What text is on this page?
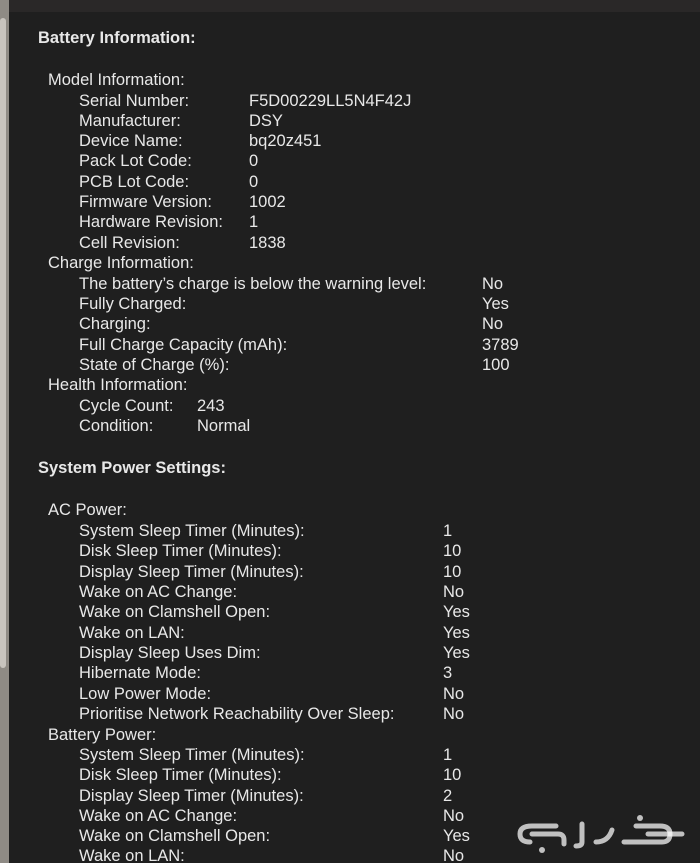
Battery Information:
Model Information:
Serial Number:	F5D00229LL5N4F42J
Manufacturer:	DSY
Device Name:	bq20z451
Pack Lot Code:	0
PCB Lot Code:	0
Firmware Version: 1002
Hardware Revision: 1
Cell Revision:	1838
Charge Information:
The battery’s charge is below the warning level:	No
Fully Charged:	Yes
Charging:	No
Full Charge Capacity (mAh):	3789
State of Charge (%):	100
Health Information:
Cycle Count: 243
Condition:	Normal
System Power Settings:
AC Power:
System Sleep Timer (Minutes):	1
Disk Sleep Timer (Minutes):	10
Display Sleep Timer (Minutes):	10
Wake on AC Change:	No
Wake on Clamshell Open:	Yes
Wake on LAN:	Yes
Display Sleep Uses Dim:	Yes
Hibernate Mode:	3
Low Power Mode:	No
Prioritise Network Reachability Over Sleep:	No
Battery Power:
System Sleep Timer (Minutes):	1
Disk Sleep Timer (Minutes):	10
Display Sleep Timer (Minutes):	2
Wake on AC Change:	No
Wake on Clamshell Open:	Yes
Wake on LAN:	No
